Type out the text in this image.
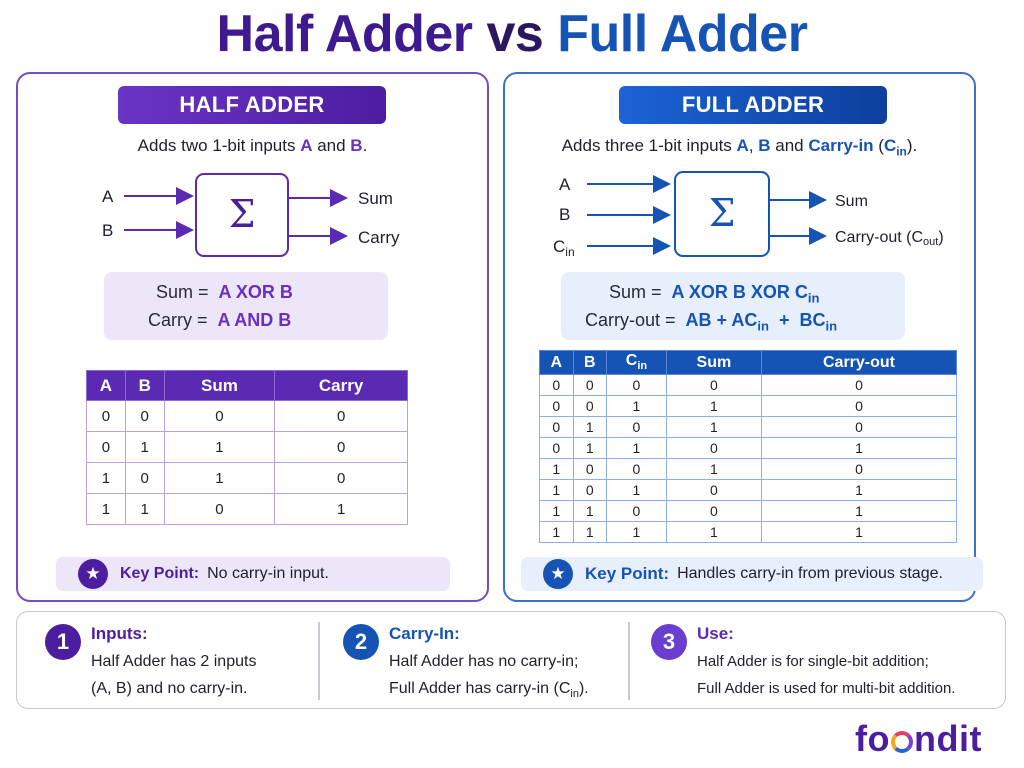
Half Adder vs Full Adder
HALF ADDER
Adds two 1-bit inputs A and B.
A
B	Σ	Sum
Carry
Sum = A XOR B
Carry = A AND B
A	B	Sum	Carry
0	0	0	0
0	1	1	0
1	0	1	0
1	1	0	1
★	Key Point: No carry-in input.
FULL ADDER
Adds three 1-bit inputs A, B and Carry-in $(C_{in})$.
A
B
$C_{in}$
Σ	Sum
Carry-out (Cout)
Sum = A XOR B XOR $C_{in}$
Carry-out = AB + $AC_{in} + BC_{in}$
A	B	$C_{in}$	Sum	Carry-out
0	0	0	0	0
0	0	1	1	0
0	1	0	1	0
0	1	1	0	1
1	0	0	1	0
1	0	1	0	1
1	1	0	0	1
1	1	1	1	1
★	Key Point: Handles carry-in from previous stage.
1	Inputs:
Half Adder has 2 inputs
(A, B) and no carry-in.
2	Carry-In:
Half Adder has no carry-in;
Full Adder has carry-in $(C_{in})$.
3	Use:
Half Adder is for single-bit addition;
Full Adder is used for multi-bit addition.
fo ndit
